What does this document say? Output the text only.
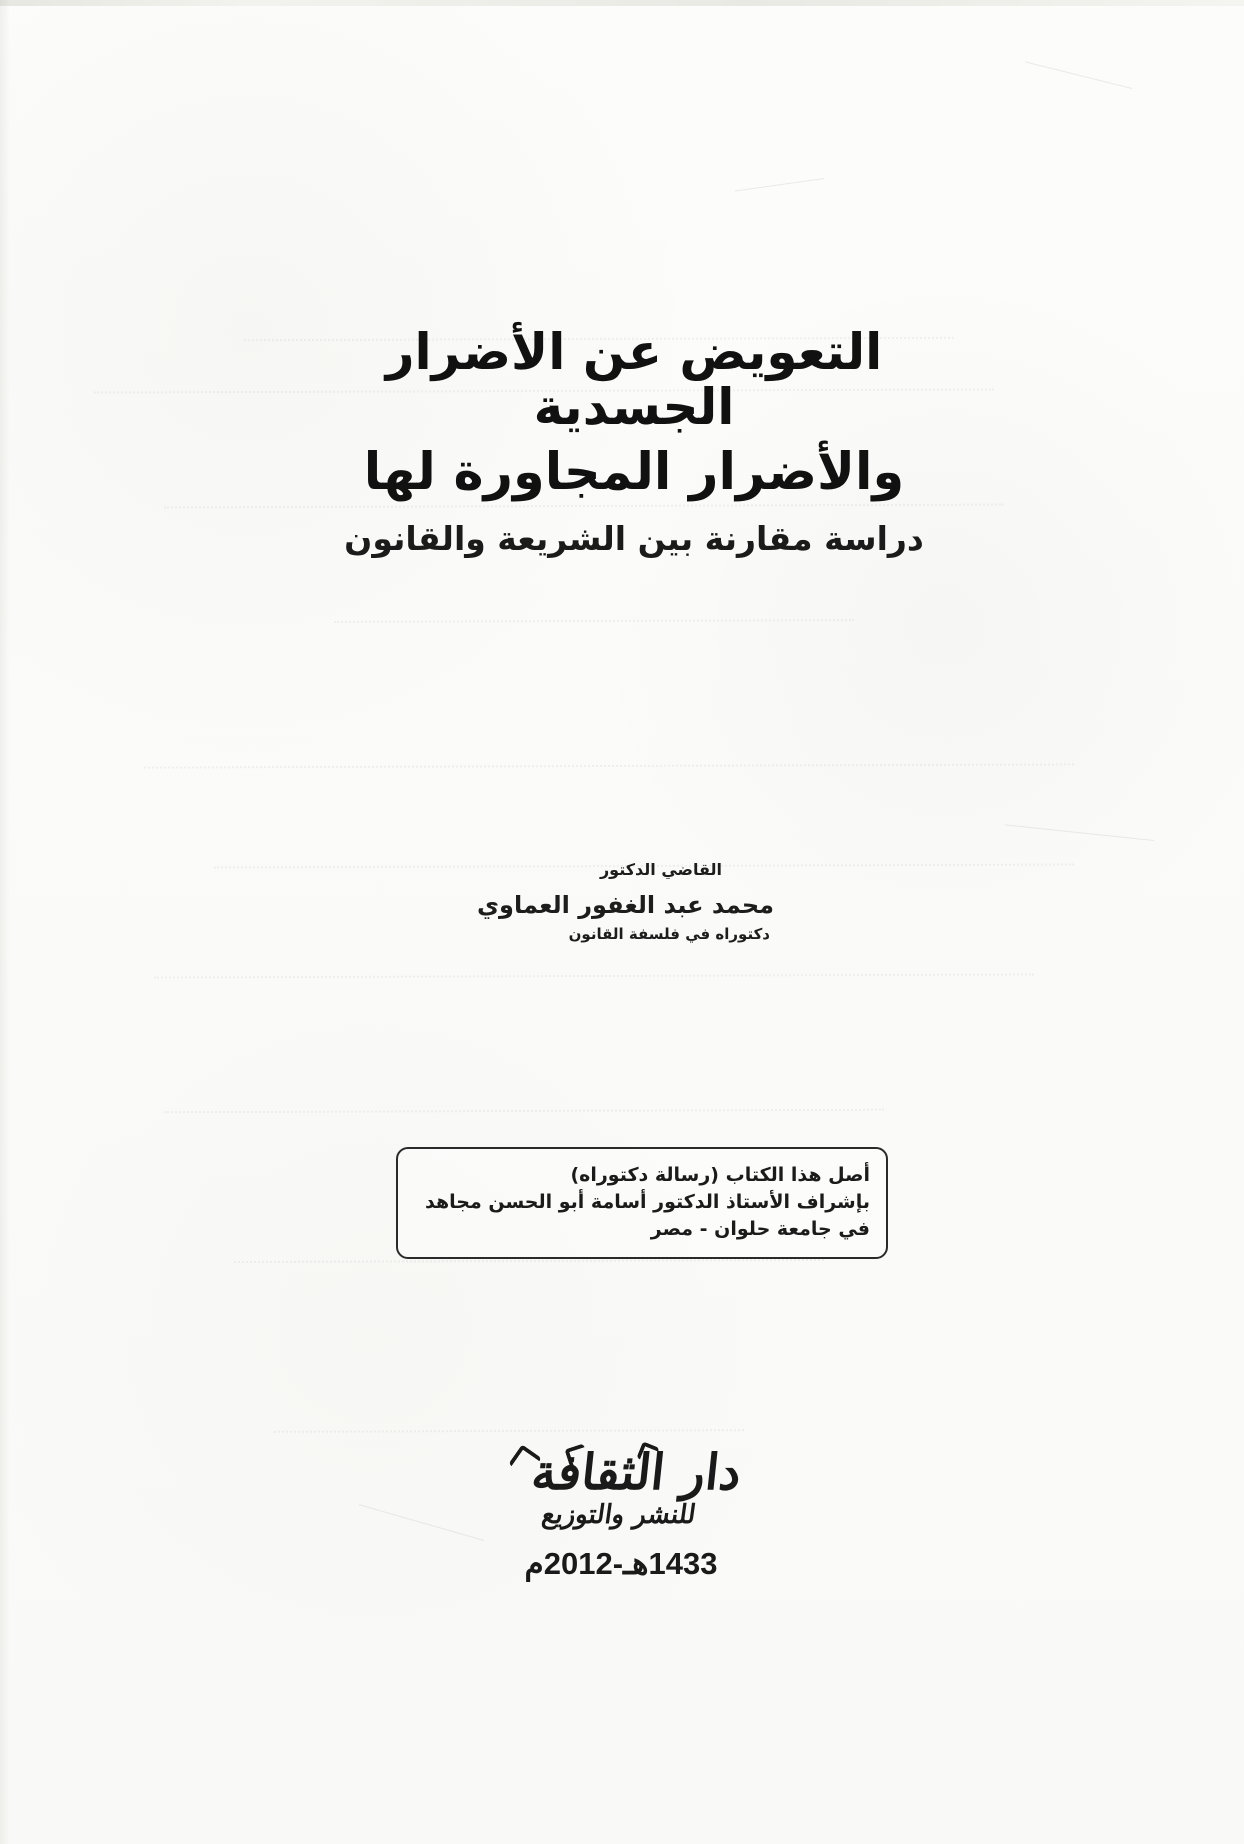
التعويض عن الأضرار الجسدية
والأضرار المجاورة لها
دراسة مقارنة بين الشريعة والقانون
القاضي الدكتور
محمد عبد الغفور العماوي
دكتوراه في فلسفة القانون
أصل هذا الكتاب (رسالة دكتوراه)
بإشراف الأستاذ الدكتور أسامة أبو الحسن مجاهد
في جامعة حلوان - مصر
دار الثقافة
للنشر والتوزيع
1433هـ-2012م
